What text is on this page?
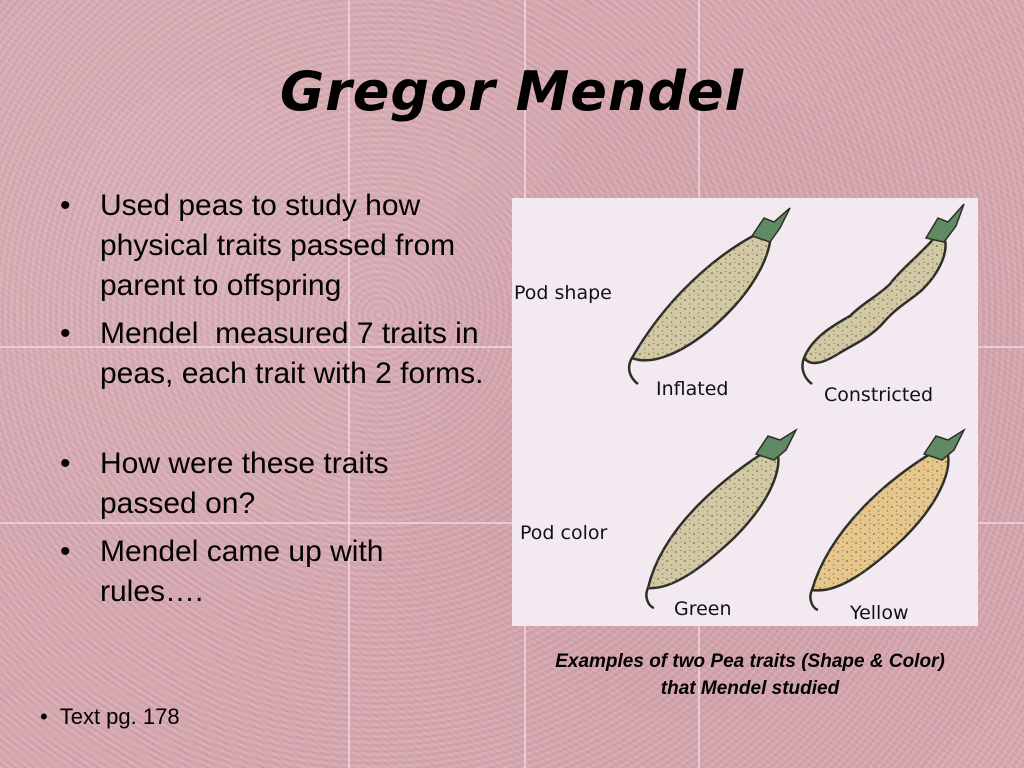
Gregor Mendel
• Used peas to study how physical traits passed from parent to offspring
• Mendel  measured 7 traits in peas, each trait with 2 forms.
• How were these traits passed on?
• Mendel came up with rules….
• Text pg. 178
Pod shape
Pod color
Inflated	Constricted
Green	Yellow
Examples of two Pea traits (Shape & Color)
that Mendel studied
